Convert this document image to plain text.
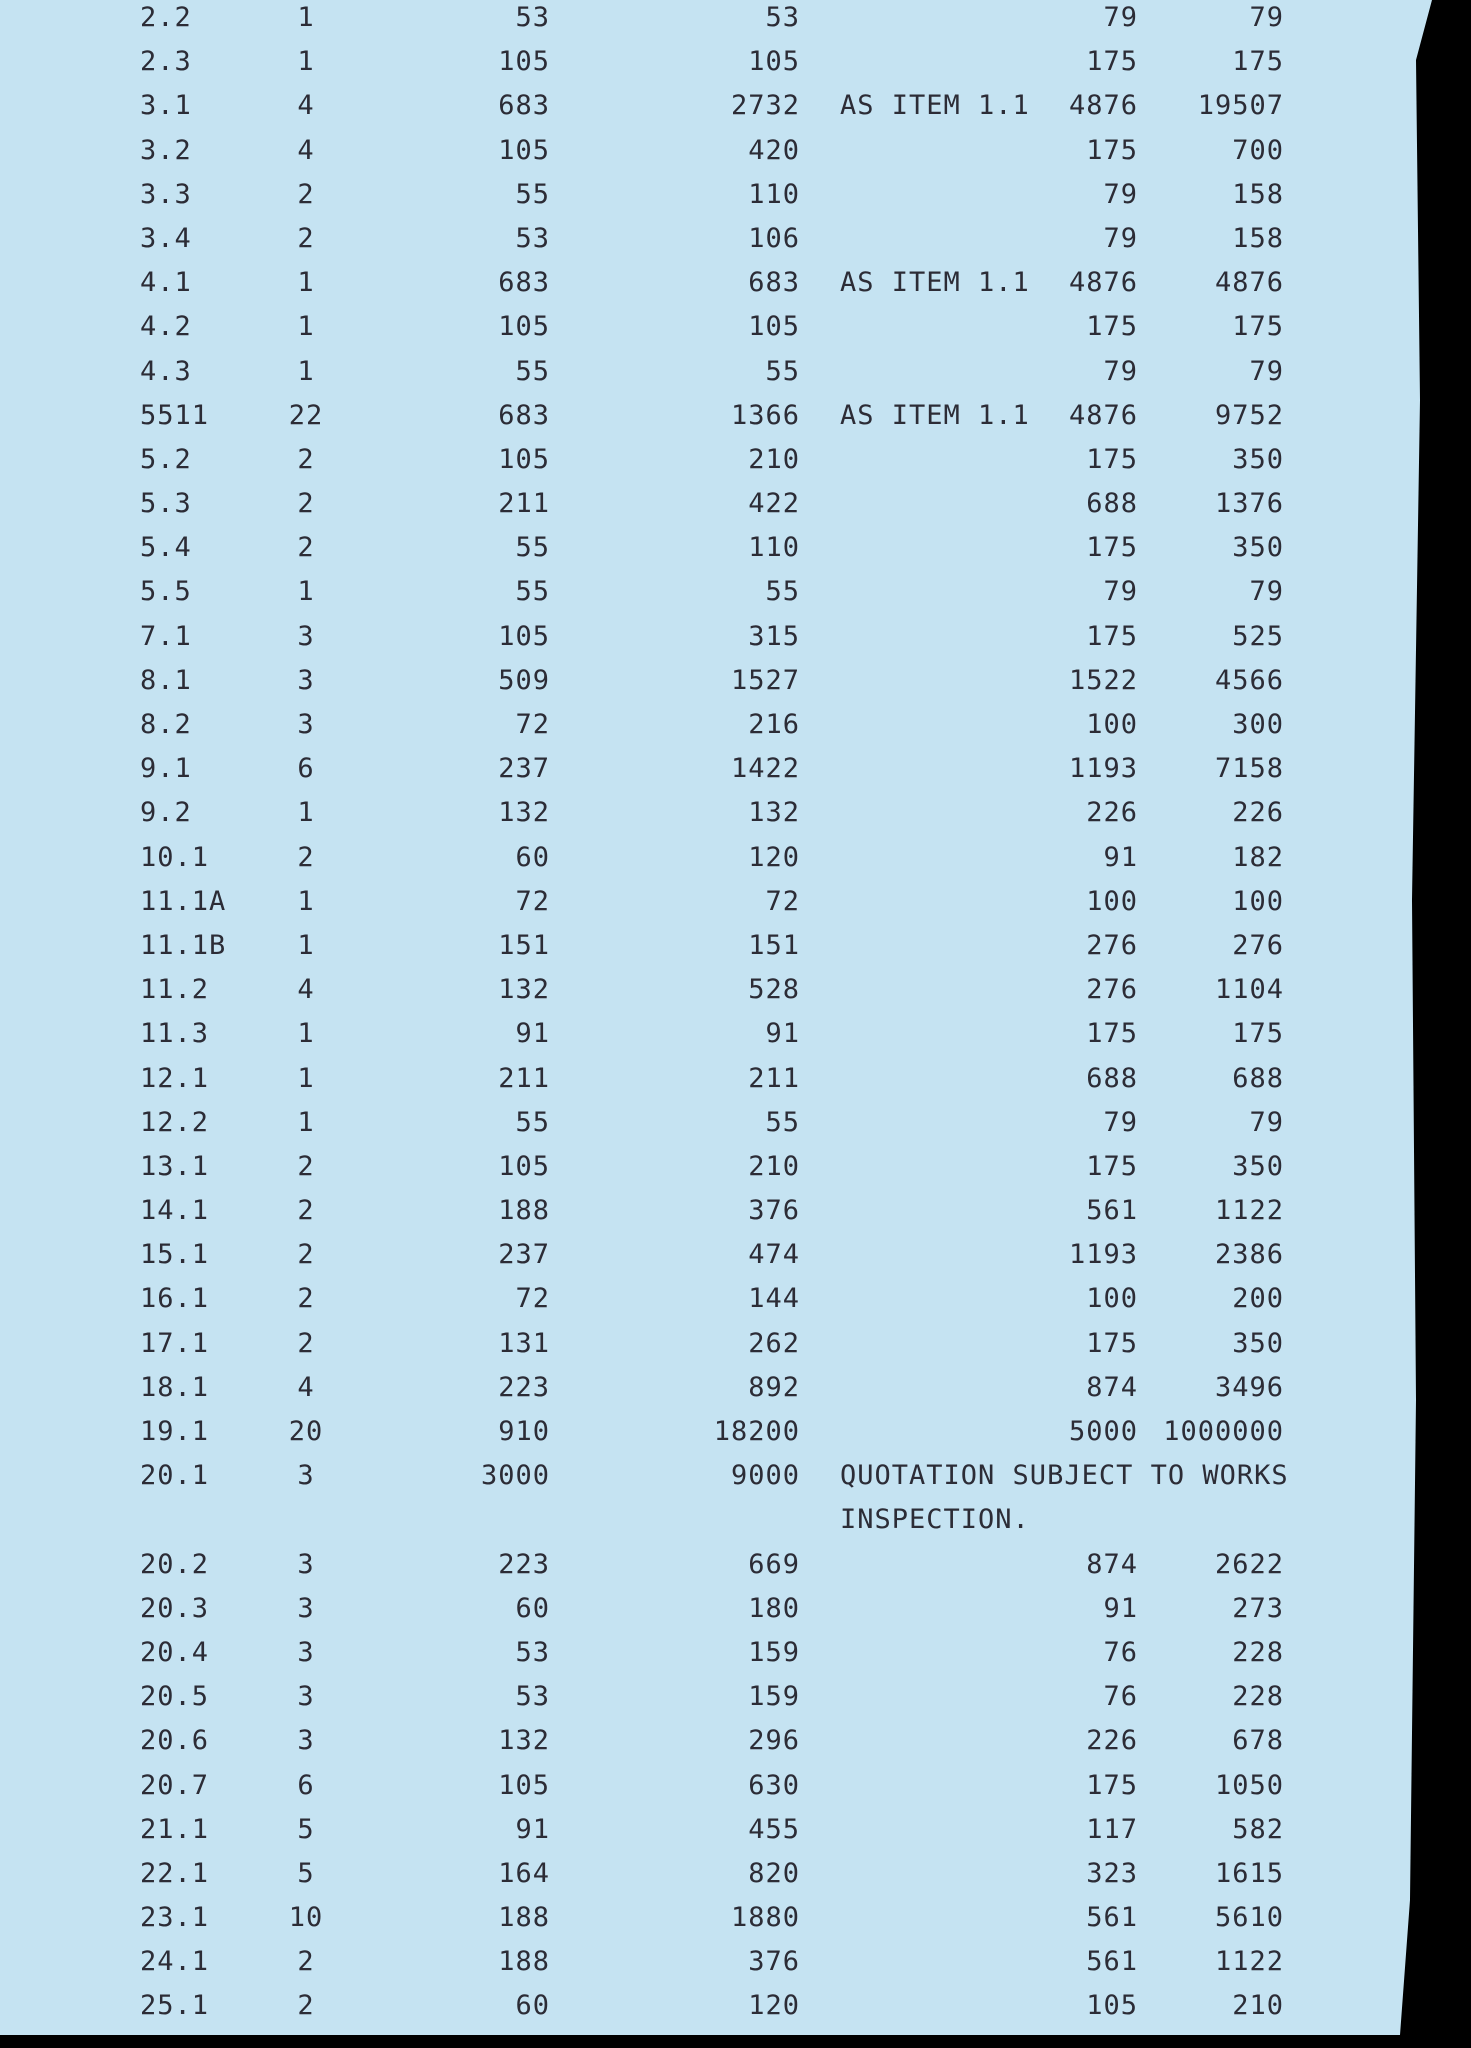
2.2	1	53	53	79	79
2.3	1	105	105	175	175
3.1	4	683	2732 AS ITEM 1.1	4876	19507
3.2	4	105	420	175	700
3.3	2	55	110	79	158
3.4	2	53	106	79	158
4.1	1	683	683 AS ITEM 1.1	4876	4876
4.2	1	105	105	175	175
4.3	1	55	55	79	79
5511	22	683	1366 AS ITEM 1.1	4876	9752
5.2	2	105	210	175	350
5.3	2	211	422	688	1376
5.4	2	55	110	175	350
5.5	1	55	55	79	79
7.1	3	105	315	175	525
8.1	3	509	1527	1522	4566
8.2	3	72	216	100	300
9.1	6	237	1422	1193	7158
9.2	1	132	132	226	226
10.1	2	60	120	91	182
11.1A	1	72	72	100	100
11.1B	1	151	151	276	276
11.2	4	132	528	276	1104
11.3	1	91	91	175	175
12.1	1	211	211	688	688
12.2	1	55	55	79	79
13.1	2	105	210	175	350
14.1	2	188	376	561	1122
15.1	2	237	474	1193	2386
16.1	2	72	144	100	200
17.1	2	131	262	175	350
18.1	4	223	892	874	3496
19.1	20	910	18200	5000 1000000
20.1	3	3000	9000 QUOTATION SUBJECT TO WORKS
INSPECTION.
20.2	3	223	669	874	2622
20.3	3	60	180	91	273
20.4	3	53	159	76	228
20.5	3	53	159	76	228
20.6	3	132	296	226	678
20.7	6	105	630	175	1050
21.1	5	91	455	117	582
22.1	5	164	820	323	1615
23.1	10	188	1880	561	5610
24.1	2	188	376	561	1122
25.1	2	60	120	105	210
